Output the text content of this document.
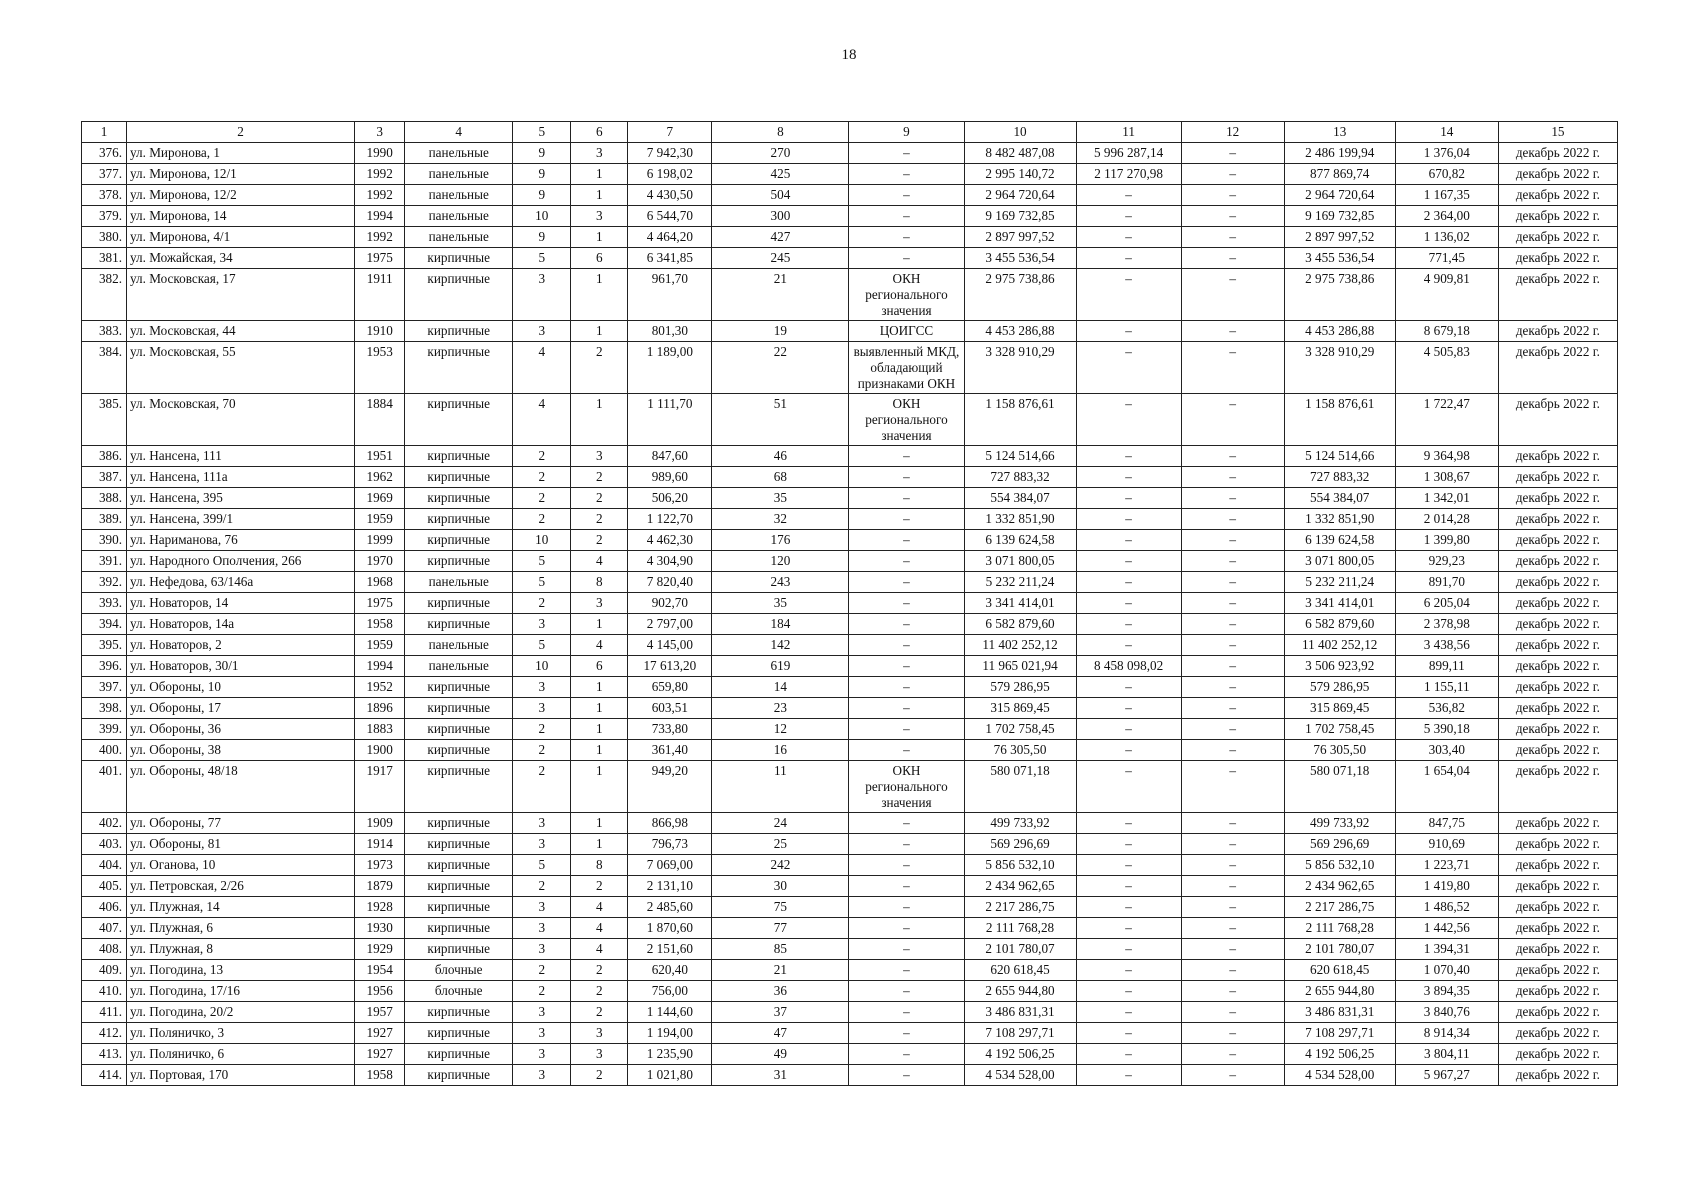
18
1	2	3	4	5	6	7	8	9	10	11	12	13	14	15
376.	ул. Миронова, 1	1990	панельные	9	3	7 942,30	270	–	8 482 487,08	5 996 287,14	–	2 486 199,94	1 376,04	декабрь 2022 г.
377.	ул. Миронова, 12/1	1992	панельные	9	1	6 198,02	425	–	2 995 140,72	2 117 270,98	–	877 869,74	670,82	декабрь 2022 г.
378.	ул. Миронова, 12/2	1992	панельные	9	1	4 430,50	504	–	2 964 720,64	–	–	2 964 720,64	1 167,35	декабрь 2022 г.
379.	ул. Миронова, 14	1994	панельные	10	3	6 544,70	300	–	9 169 732,85	–	–	9 169 732,85	2 364,00	декабрь 2022 г.
380.	ул. Миронова, 4/1	1992	панельные	9	1	4 464,20	427	–	2 897 997,52	–	–	2 897 997,52	1 136,02	декабрь 2022 г.
381.	ул. Можайская, 34	1975	кирпичные	5	6	6 341,85	245	–	3 455 536,54	–	–	3 455 536,54	771,45	декабрь 2022 г.
382.	ул. Московская, 17	1911	кирпичные	3	1	961,70	21	ОКН регионального значения	2 975 738,86	–	–	2 975 738,86	4 909,81	декабрь 2022 г.
383.	ул. Московская, 44	1910	кирпичные	3	1	801,30	19	ЦОИГСС	4 453 286,88	–	–	4 453 286,88	8 679,18	декабрь 2022 г.
384.	ул. Московская, 55	1953	кирпичные	4	2	1 189,00	22	выявленный МКД, обладающий признаками ОКН	3 328 910,29	–	–	3 328 910,29	4 505,83	декабрь 2022 г.
385.	ул. Московская, 70	1884	кирпичные	4	1	1 111,70	51	ОКН регионального значения	1 158 876,61	–	–	1 158 876,61	1 722,47	декабрь 2022 г.
386.	ул. Нансена, 111	1951	кирпичные	2	3	847,60	46	–	5 124 514,66	–	–	5 124 514,66	9 364,98	декабрь 2022 г.
387.	ул. Нансена, 111а	1962	кирпичные	2	2	989,60	68	–	727 883,32	–	–	727 883,32	1 308,67	декабрь 2022 г.
388.	ул. Нансена, 395	1969	кирпичные	2	2	506,20	35	–	554 384,07	–	–	554 384,07	1 342,01	декабрь 2022 г.
389.	ул. Нансена, 399/1	1959	кирпичные	2	2	1 122,70	32	–	1 332 851,90	–	–	1 332 851,90	2 014,28	декабрь 2022 г.
390.	ул. Нариманова, 76	1999	кирпичные	10	2	4 462,30	176	–	6 139 624,58	–	–	6 139 624,58	1 399,80	декабрь 2022 г.
391.	ул. Народного Ополчения, 266	1970	кирпичные	5	4	4 304,90	120	–	3 071 800,05	–	–	3 071 800,05	929,23	декабрь 2022 г.
392.	ул. Нефедова, 63/146а	1968	панельные	5	8	7 820,40	243	–	5 232 211,24	–	–	5 232 211,24	891,70	декабрь 2022 г.
393.	ул. Новаторов, 14	1975	кирпичные	2	3	902,70	35	–	3 341 414,01	–	–	3 341 414,01	6 205,04	декабрь 2022 г.
394.	ул. Новаторов, 14а	1958	кирпичные	3	1	2 797,00	184	–	6 582 879,60	–	–	6 582 879,60	2 378,98	декабрь 2022 г.
395.	ул. Новаторов, 2	1959	панельные	5	4	4 145,00	142	–	11 402 252,12	–	–	11 402 252,12	3 438,56	декабрь 2022 г.
396.	ул. Новаторов, 30/1	1994	панельные	10	6	17 613,20	619	–	11 965 021,94	8 458 098,02	–	3 506 923,92	899,11	декабрь 2022 г.
397.	ул. Обороны, 10	1952	кирпичные	3	1	659,80	14	–	579 286,95	–	–	579 286,95	1 155,11	декабрь 2022 г.
398.	ул. Обороны, 17	1896	кирпичные	3	1	603,51	23	–	315 869,45	–	–	315 869,45	536,82	декабрь 2022 г.
399.	ул. Обороны, 36	1883	кирпичные	2	1	733,80	12	–	1 702 758,45	–	–	1 702 758,45	5 390,18	декабрь 2022 г.
400.	ул. Обороны, 38	1900	кирпичные	2	1	361,40	16	–	76 305,50	–	–	76 305,50	303,40	декабрь 2022 г.
401.	ул. Обороны, 48/18	1917	кирпичные	2	1	949,20	11	ОКН регионального значения	580 071,18	–	–	580 071,18	1 654,04	декабрь 2022 г.
402.	ул. Обороны, 77	1909	кирпичные	3	1	866,98	24	–	499 733,92	–	–	499 733,92	847,75	декабрь 2022 г.
403.	ул. Обороны, 81	1914	кирпичные	3	1	796,73	25	–	569 296,69	–	–	569 296,69	910,69	декабрь 2022 г.
404.	ул. Оганова, 10	1973	кирпичные	5	8	7 069,00	242	–	5 856 532,10	–	–	5 856 532,10	1 223,71	декабрь 2022 г.
405.	ул. Петровская, 2/26	1879	кирпичные	2	2	2 131,10	30	–	2 434 962,65	–	–	2 434 962,65	1 419,80	декабрь 2022 г.
406.	ул. Плужная, 14	1928	кирпичные	3	4	2 485,60	75	–	2 217 286,75	–	–	2 217 286,75	1 486,52	декабрь 2022 г.
407.	ул. Плужная, 6	1930	кирпичные	3	4	1 870,60	77	–	2 111 768,28	–	–	2 111 768,28	1 442,56	декабрь 2022 г.
408.	ул. Плужная, 8	1929	кирпичные	3	4	2 151,60	85	–	2 101 780,07	–	–	2 101 780,07	1 394,31	декабрь 2022 г.
409.	ул. Погодина, 13	1954	блочные	2	2	620,40	21	–	620 618,45	–	–	620 618,45	1 070,40	декабрь 2022 г.
410.	ул. Погодина, 17/16	1956	блочные	2	2	756,00	36	–	2 655 944,80	–	–	2 655 944,80	3 894,35	декабрь 2022 г.
411.	ул. Погодина, 20/2	1957	кирпичные	3	2	1 144,60	37	–	3 486 831,31	–	–	3 486 831,31	3 840,76	декабрь 2022 г.
412.	ул. Поляничко, 3	1927	кирпичные	3	3	1 194,00	47	–	7 108 297,71	–	–	7 108 297,71	8 914,34	декабрь 2022 г.
413.	ул. Поляничко, 6	1927	кирпичные	3	3	1 235,90	49	–	4 192 506,25	–	–	4 192 506,25	3 804,11	декабрь 2022 г.
414.	ул. Портовая, 170	1958	кирпичные	3	2	1 021,80	31	–	4 534 528,00	–	–	4 534 528,00	5 967,27	декабрь 2022 г.
